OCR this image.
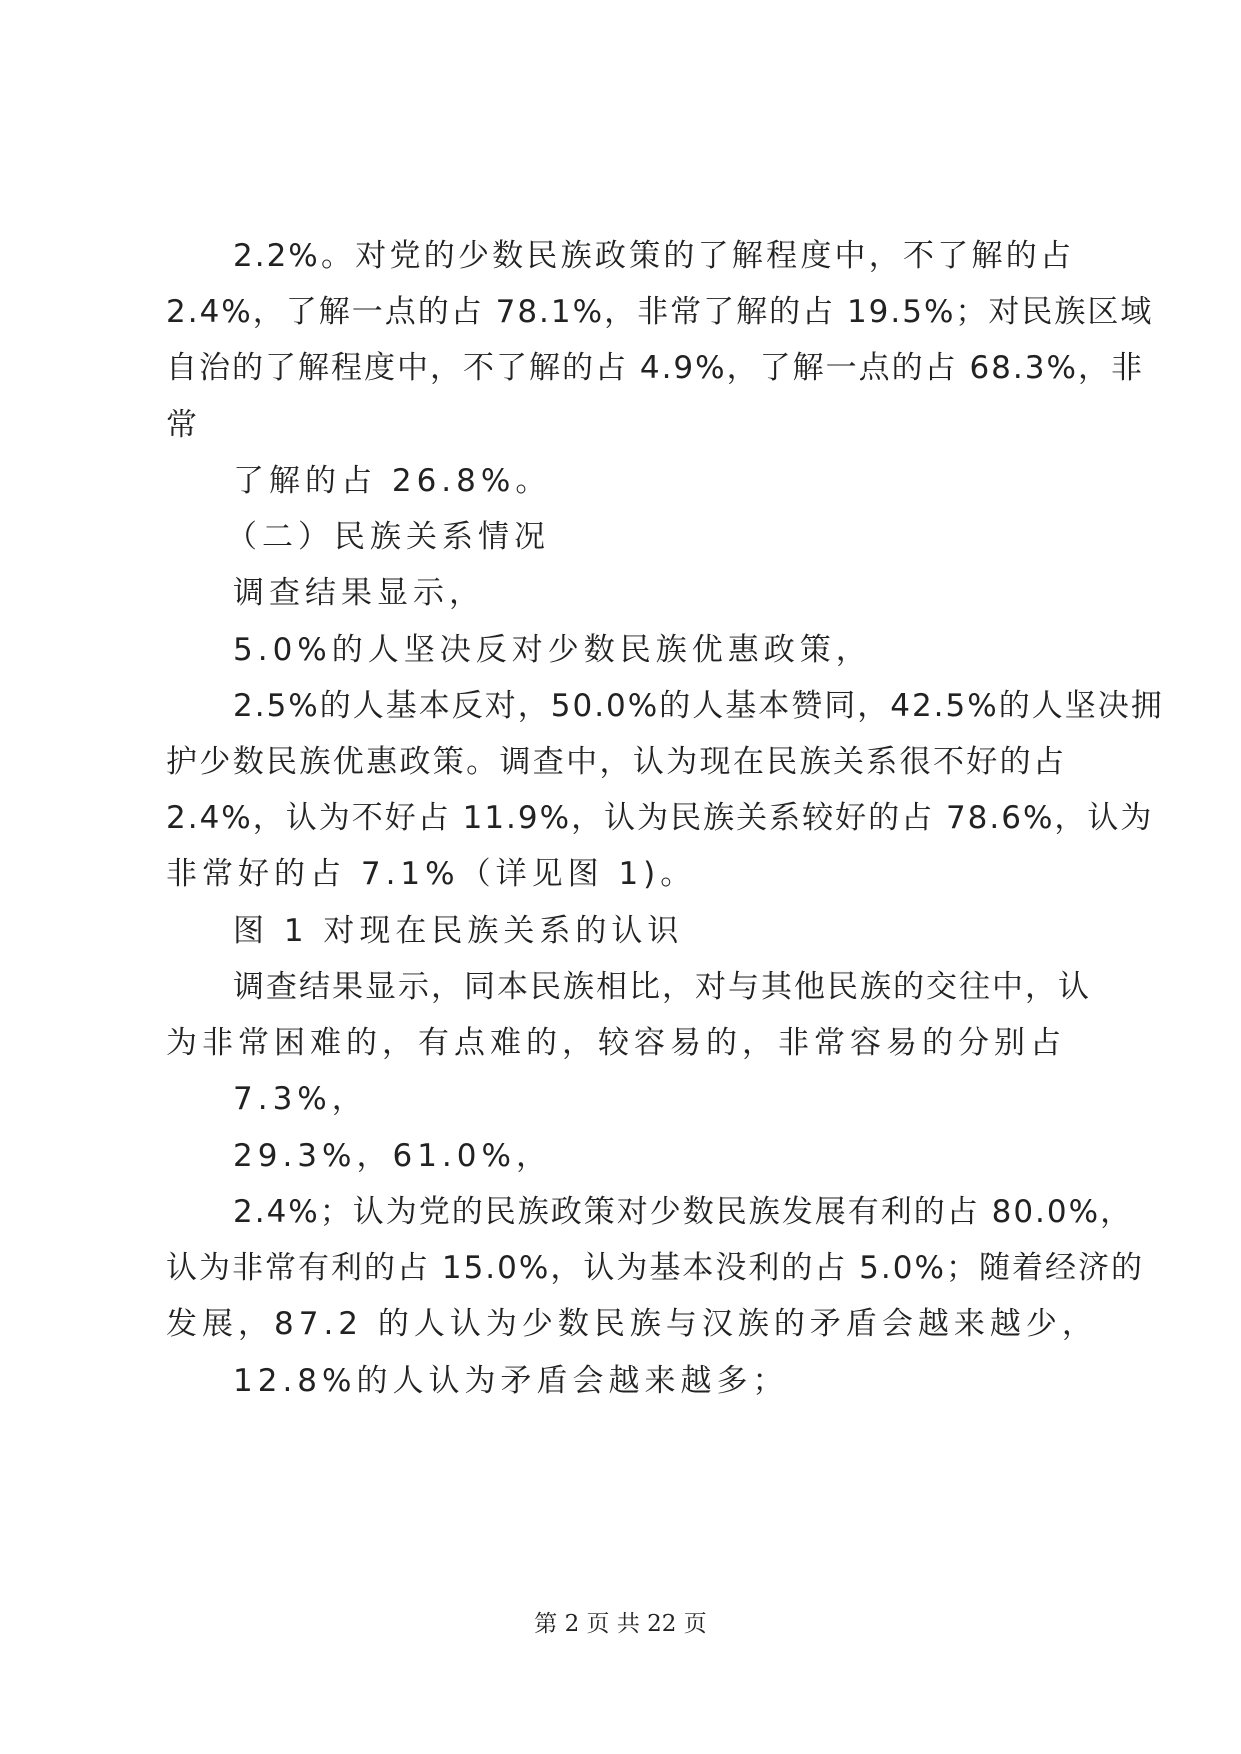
2.2%。对党的少数民族政策的了解程度中，不了解的占

2.4%，了解一点的占 78.1%，非常了解的占 19.5%；对民族区域

自治的了解程度中，不了解的占 4.9%，了解一点的占 68.3%，非

常

了解的占 26.8%。

（二）民族关系情况

调查结果显示，

5.0%的人坚决反对少数民族优惠政策，

2.5%的人基本反对，50.0%的人基本赞同，42.5%的人坚决拥

护少数民族优惠政策。调查中，认为现在民族关系很不好的占

2.4%，认为不好占 11.9%，认为民族关系较好的占 78.6%，认为

非常好的占 7.1%（详见图 1)。

图 1 对现在民族关系的认识

调查结果显示，同本民族相比，对与其他民族的交往中，认

为非常困难的，有点难的，较容易的，非常容易的分别占

7.3%，

29.3%，61.0%，

2.4%；认为党的民族政策对少数民族发展有利的占 80.0%，

认为非常有利的占 15.0%，认为基本没利的占 5.0%；随着经济的

发展，87.2 的人认为少数民族与汉族的矛盾会越来越少，

12.8%的人认为矛盾会越来越多；

第 2 页 共 22 页
